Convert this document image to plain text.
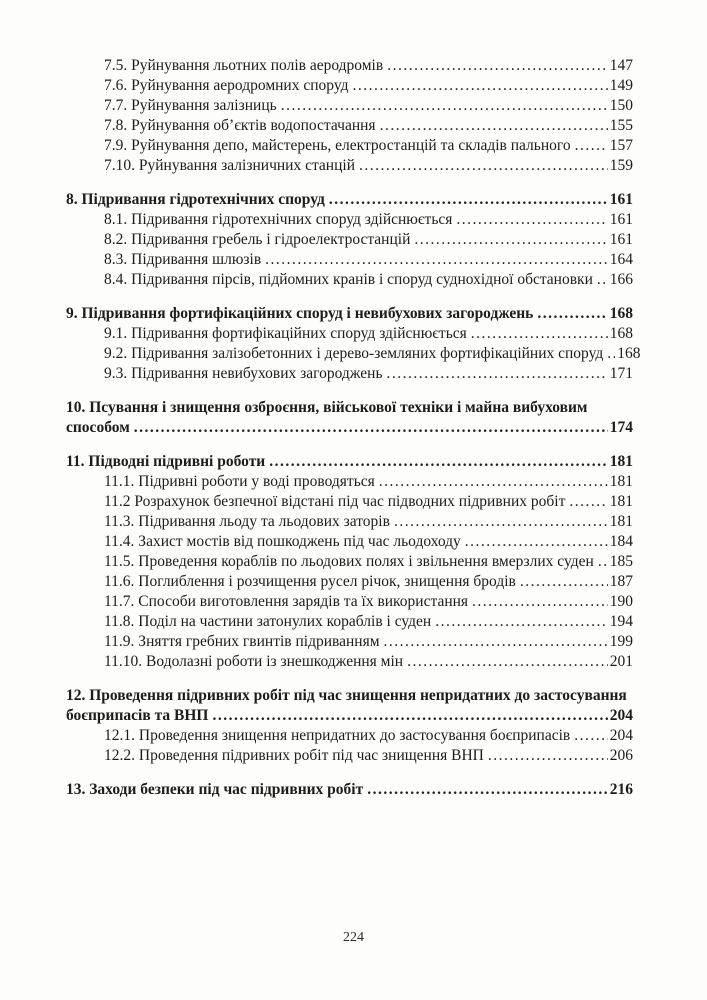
7.5. Руйнування льотних полів аеродромів .....	147
7.6. Руйнування аеродромних споруд .....	149
7.7. Руйнування залізниць .....	150
7.8. Руйнування об’єктів водопостачання .....	155
7.9. Руйнування депо, майстерень, електростанцій та складів пального .....	157
7.10. Руйнування залізничних станцій .....	159
8. Підривання гідротехнічних споруд .....	161
8.1. Підривання гідротехнічних споруд здійснюється .....	161
8.2. Підривання гребель і гідроелектростанцій .....	161
8.3. Підривання шлюзів .....	164
8.4. Підривання пірсів, підйомних кранів і споруд суднохідної обстановки ..... 166
9. Підривання фортифікаційних споруд і невибухових загороджень .....	168
9.1. Підривання фортифікаційних споруд здійснюється .....	168
9.2. Підривання залізобетонних і дерево-земляних фортифікаційних споруд ..... 168
9.3. Підривання невибухових загороджень .....	171
10. Псування і знищення озброєння, військової техніки і майна вибуховим
способом .....	174
11. Підводні підривні роботи .....	181
11.1. Підривні роботи у воді проводяться .....	181
11.2 Розрахунок безпечної відстані під час підводних підривних робіт .....	181
11.3. Підривання льоду та льодових заторів .....	181
11.4. Захист мостів від пошкоджень під час льодоходу .....	184
11.5. Проведення кораблів по льодових полях і звільнення вмерзлих суден ..... 185
11.6. Поглиблення і розчищення русел річок, знищення бродів .....	187
11.7. Способи виготовлення зарядів та їх використання .....	190
11.8. Поділ на частини затонулих кораблів і суден .....	194
11.9. Зняття гребних гвинтів підриванням .....	199
11.10. Водолазні роботи із знешкодження мін .....	201
12. Проведення підривних робіт під час знищення непридатних до застосування
боєприпасів та ВНП .....	204
12.1. Проведення знищення непридатних до застосування боєприпасів .....	204
12.2. Проведення підривних робіт під час знищення ВНП .....	206
13. Заходи безпеки під час підривних робіт .....	216
224
